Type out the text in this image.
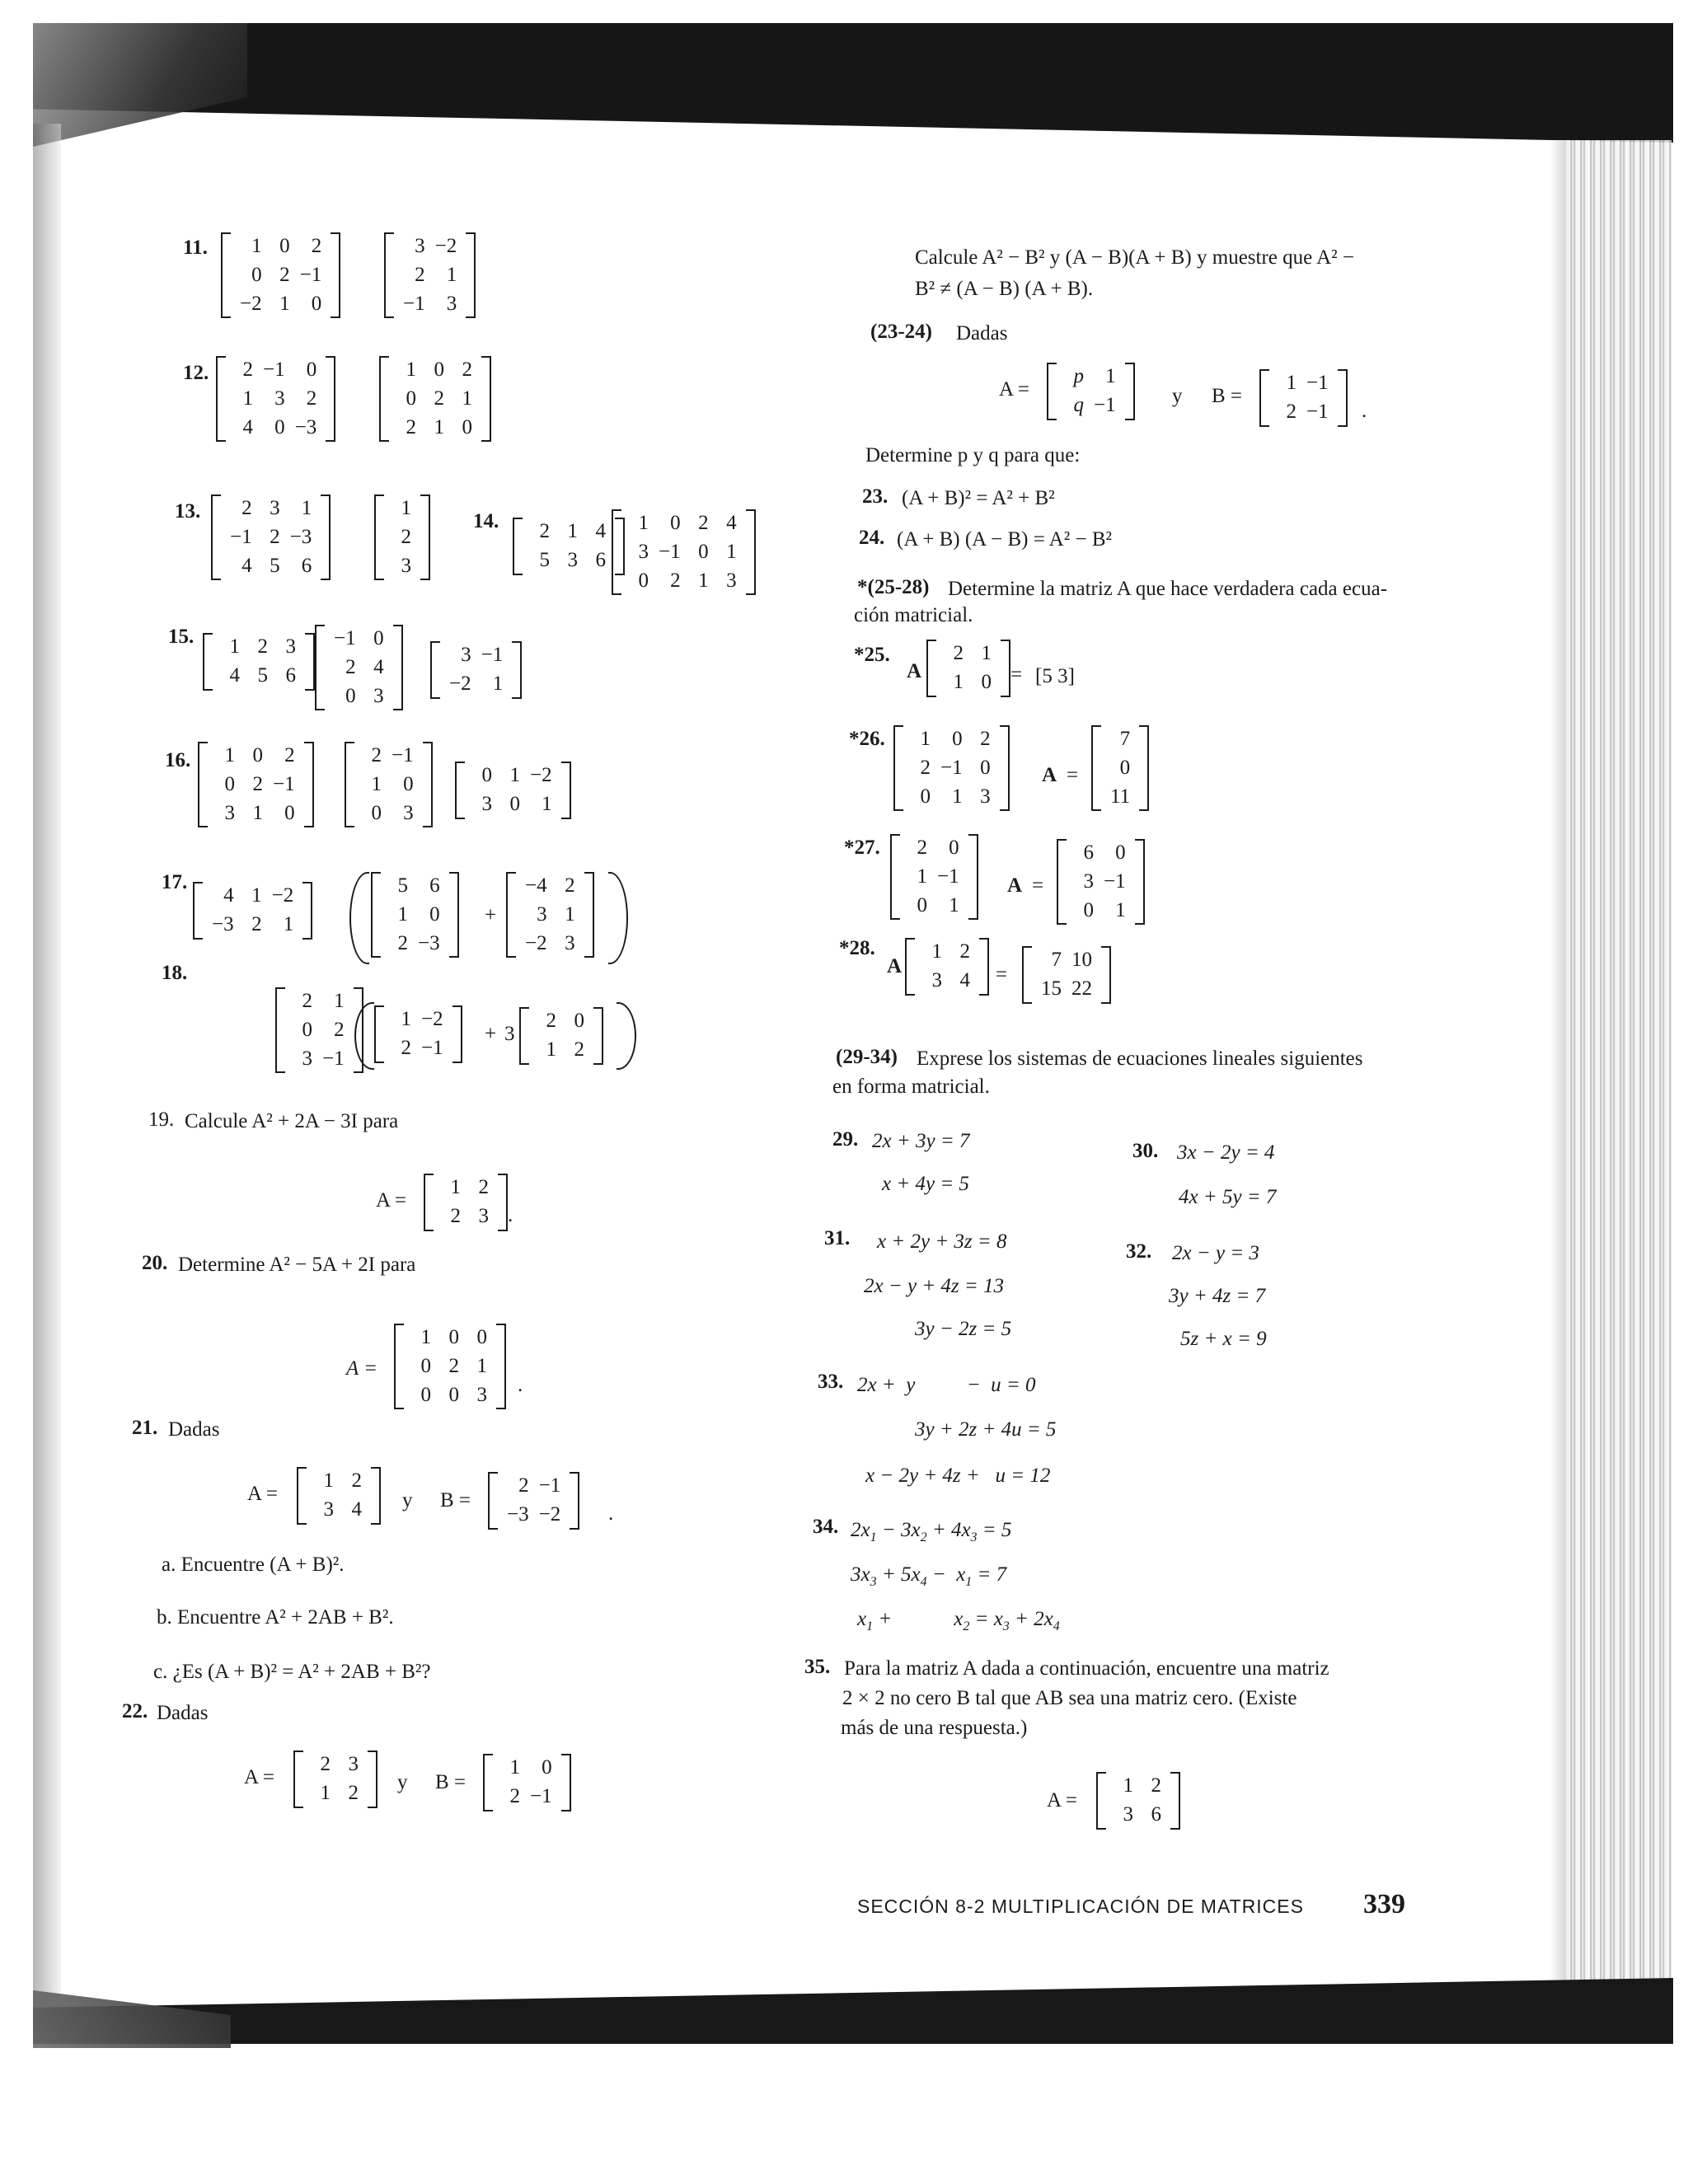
11.	1 0	2
0 2 −1
−2 1	0
3 −2
2	1
−1	3
12.	2 −1	0
1	3	2
4	0 −3
1 0 2
0 2 1
2 1 0
13.	2 3	1
−1 2 −3
4 5	6
1
2
3
14.	2 1 4
5 3 6
1	0 2 4
3 −1 0 1
0	2 1 3
15.	1 2 3
4 5 6
−1 0
2 4
0 3
3 −1
−2	1
16.	1 0	2
0 2 −1
3 1	0
2 −1
1	0
0	3
0 1 −2
3 0	1
17.
4 1 −2
−3 2	1
5	6
1	0
2 −3
+
−4 2
3 1
−2 3
18.
2	1
0	2
3 −1
1 −2
2 −1
+ 3
2 0
1 2
19. Calcule A² + 2A − 3I para
A =
1 2
2 3 .
20. Determine A² − 5A + 2I para
A =
1 0 0
0 2 1
0 0 3 .
21. Dadas
A =
1 2
3 4 y B =
2 −1
−3 −2 .
a. Encuentre (A + B)².
b. Encuentre A² + 2AB + B².
c. ¿Es (A + B)² = A² + 2AB + B²?
22. Dadas
A =
2 3
1 2 y B =
1	0
2 −1
Calcule A² − B² y (A − B)(A + B) y muestre que A² −
B² ≠ (A − B) (A + B).
(23-24) Dadas
A =
p	1
q −1	y B =
1 −1
2 −1 .
Determine p y q para que:
23. (A + B)² = A² + B²
24. (A + B) (A − B) = A² − B²
*(25-28) Determine la matriz A que hace verdadera cada ecua-
ción matricial.
*25.
A
2 1
1 0 = [5 3]
*26.	1	0 2
2 −1 0
0	1 3
A =
7
0
11
*27.	2	0
1 −1
0	1
A =
6	0
3 −1
0	1
*28.
A
1 2
3 4 =
7 10
15 22
(29-34) Exprese los sistemas de ecuaciones lineales siguientes
en forma matricial.
29. 2x + 3y = 7
x + 4y = 5
30. 3x − 2y = 4
4x + 5y = 7
31. x + 2y + 3z = 8
2x − y + 4z = 13
3y − 2z = 5
32. 2x − y = 3
3y + 4z = 7
5z + x = 9
33. 2x +  y          −  u = 0
3y + 2z + 4u = 5
x − 2y + 4z +   u = 12
34. $2x_1 - 3x_2 + 4x_3 = 5$
$3x_3 + 5x_4 - x_1 = 7$
$x_1$ +            $x_2 = x_3 + 2x_4$
35. Para la matriz A dada a continuación, encuentre una matriz
2 × 2 no cero B tal que AB sea una matriz cero. (Existe
más de una respuesta.)
A =
1 2
3 6
SECCIÓN 8-2 MULTIPLICACIÓN DE MATRICES 339
